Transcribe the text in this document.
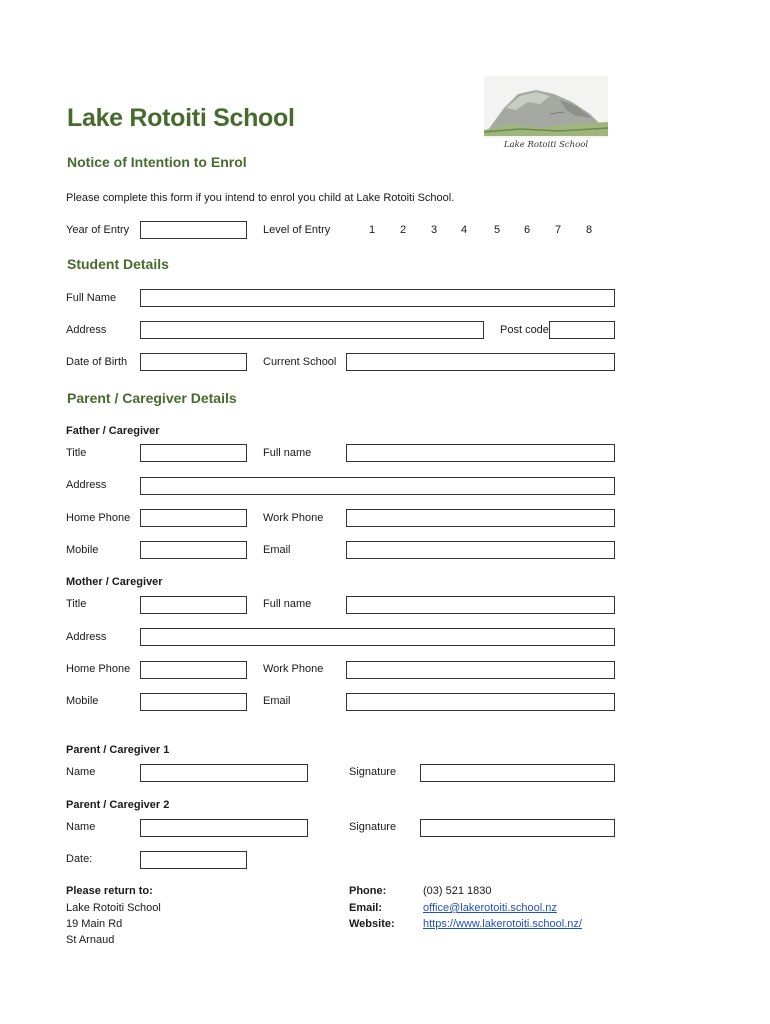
Lake Rotoiti School
Notice of Intention to Enrol
Lake Rotoiti School
Please complete this form if you intend to enrol you child at Lake Rotoiti School.
Year of Entry	Level of Entry	1	2	3	4	5	6	7	8
Student Details
Full Name
Address	Post code
Date of Birth	Current School
Parent / Caregiver Details
Father / Caregiver
Title	Full name
Address
Home Phone	Work Phone
Mobile	Email
Mother / Caregiver
Title	Full name
Address
Home Phone	Work Phone
Mobile	Email
Parent / Caregiver 1
Name	Signature
Parent / Caregiver 2
Name	Signature
Date:
Please return to:
Lake Rotoiti School
19 Main Rd
St Arnaud
Phone:	(03) 521 1830
Email:	office@lakerotoiti.school.nz
Website:	https://www.lakerotoiti.school.nz/
